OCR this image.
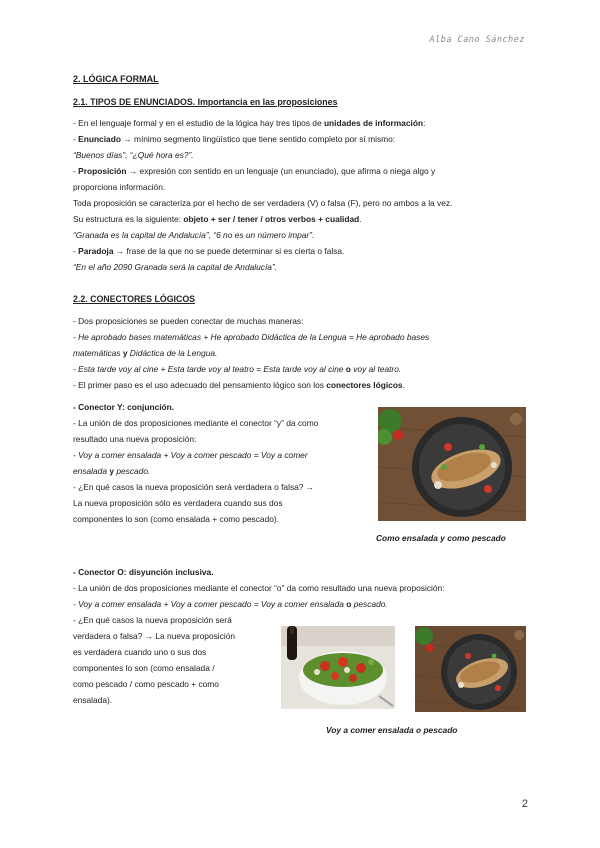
Alba Cano Sánchez
2. LÓGICA FORMAL
2.1. TIPOS DE ENUNCIADOS. Importancia en las proposiciones
- En el lenguaje formal y en el estudio de la lógica hay tres tipos de unidades de información:
- Enunciado → mínimo segmento lingüístico que tiene sentido completo por sí mismo:
“Buenos días”, “¿Qué hora es?”.
- Proposición → expresión con sentido en un lenguaje (un enunciado), que afirma o niega algo y
proporciona información.
Toda proposición se caracteriza por el hecho de ser verdadera (V) o falsa (F), pero no ambos a la vez.
Su estructura es la siguiente: objeto + ser / tener / otros verbos + cualidad.
“Granada es la capital de Andalucía”, “6 no es un número impar”.
- Paradoja → frase de la que no se puede determinar si es cierta o falsa.
“En el año 2090 Granada será la capital de Andalucía”.
2.2. CONECTORES LÓGICOS
- Dos proposiciones se pueden conectar de muchas maneras:
- He aprobado bases matemáticas + He aprobado Didáctica de la Lengua = He aprobado bases
matemáticas y Didáctica de la Lengua.
- Esta tarde voy al cine + Esta tarde voy al teatro = Esta tarde voy al cine o voy al teatro.
- El primer paso es el uso adecuado del pensamiento lógico son los conectores lógicos.
- Conector Y: conjunción.
- La unión de dos proposiciones mediante el conector “y” da como
resultado una nueva proposición:
- Voy a comer ensalada + Voy a comer pescado = Voy a comer
ensalada y pescado.
- ¿En qué casos la nueva proposición será verdadera o falsa? →
La nueva proposición sólo es verdadera cuando sus dos
componentes lo son (como ensalada + como pescado).
Como ensalada y como pescado
- Conector O: disyunción inclusiva.
- La unión de dos proposiciones mediante el conector “o” da como resultado una nueva proposición:
- Voy a comer ensalada + Voy a comer pescado = Voy a comer ensalada o pescado.
- ¿En qué casos la nueva proposición será
verdadera o falsa? → La nueva proposición
es verdadera cuando uno o sus dos
componentes lo son (como ensalada /
como pescado / como pescado + como
ensalada).
Voy a comer ensalada o pescado
2
